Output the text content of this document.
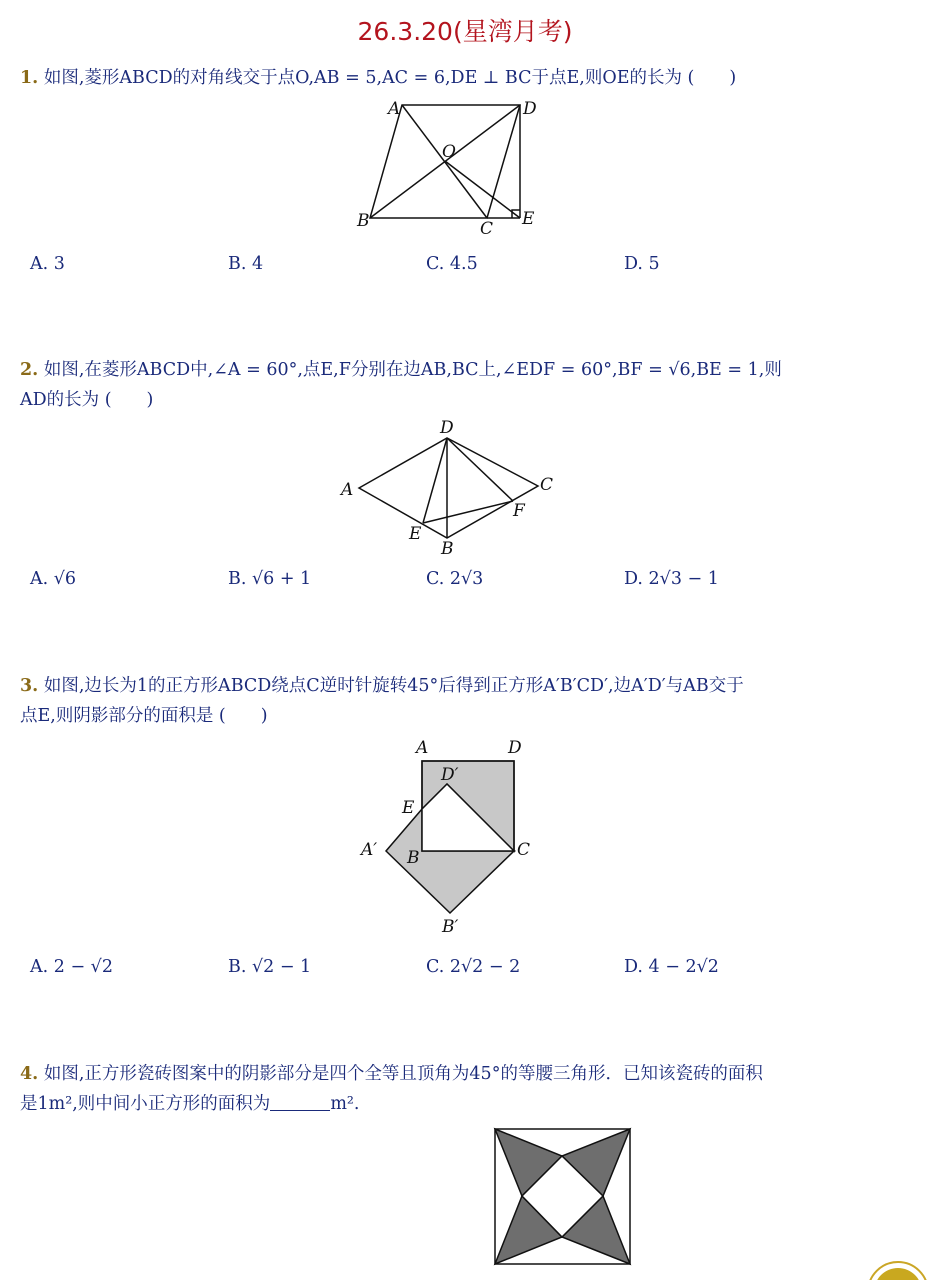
26.3.20(星湾月考)
1. 如图,菱形ABCD的对角线交于点O,AB = 5,AC = 6,DE ⊥ BC于点E,则OE的长为 (　　)
A	D
O
B	C E
A. 3	B. 4	C. 4.5	D. 5
2. 如图,在菱形ABCD中,∠A = 60°,点E,F分别在边AB,BC上,∠EDF = 60°,BF = √6,BE = 1,则
AD的长为 (　　)
D
A	C
F
E
B
A. √6	B. √6 + 1	C. 2√3	D. 2√3 − 1
3. 如图,边长为1的正方形ABCD绕点C逆时针旋转45°后得到正方形A′B′CD′,边A′D′与AB交于
点E,则阴影部分的面积是 (　　)
A	D
D′
E
A′ B	C
B′
A. 2 − √2	B. √2 − 1	C. 2√2 − 2	D. 4 − 2√2
4. 如图,正方形瓷砖图案中的阴影部分是四个全等且顶角为45°的等腰三角形．已知该瓷砖的面积
是1m²,则中间小正方形的面积为	m².
